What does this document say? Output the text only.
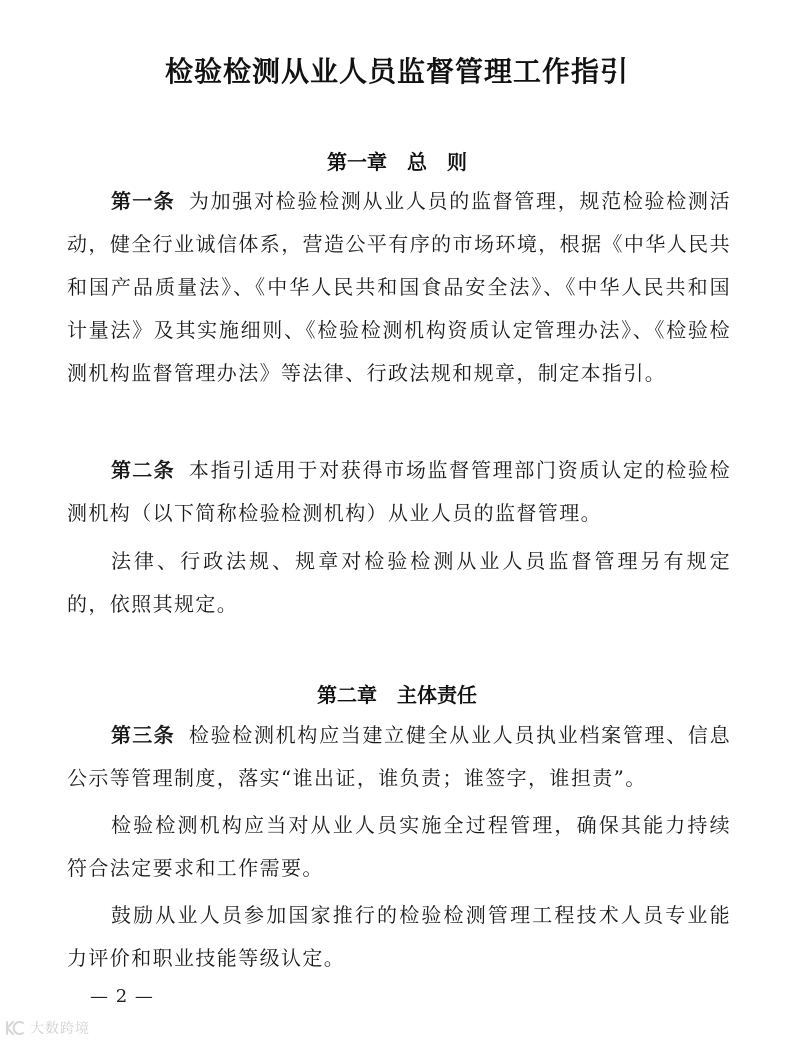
检验检测从业人员监督管理工作指引
第一章　总　则

第一条 为加强对检验检测从业人员的监督管理，规范检验检测活动，健全行业诚信体系，营造公平有序的市场环境，根据《中华人民共和国产品质量法》、《中华人民共和国食品安全法》、《中华人民共和国计量法》及其实施细则、《检验检测机构资质认定管理办法》、《检验检测机构监督管理办法》等法律、行政法规和规章，制定本指引。

第二条 本指引适用于对获得市场监督管理部门资质认定的检验检测机构（以下简称检验检测机构）从业人员的监督管理。

法律、行政法规、规章对检验检测从业人员监督管理另有规定的，依照其规定。

第二章　主体责任

第三条 检验检测机构应当建立健全从业人员执业档案管理、信息公示等管理制度，落实“谁出证，谁负责；谁签字，谁担责”。

检验检测机构应当对从业人员实施全过程管理，确保其能力持续符合法定要求和工作需要。

鼓励从业人员参加国家推行的检验检测管理工程技术人员专业能力评价和职业技能等级认定。

— 2 —
大数跨境
